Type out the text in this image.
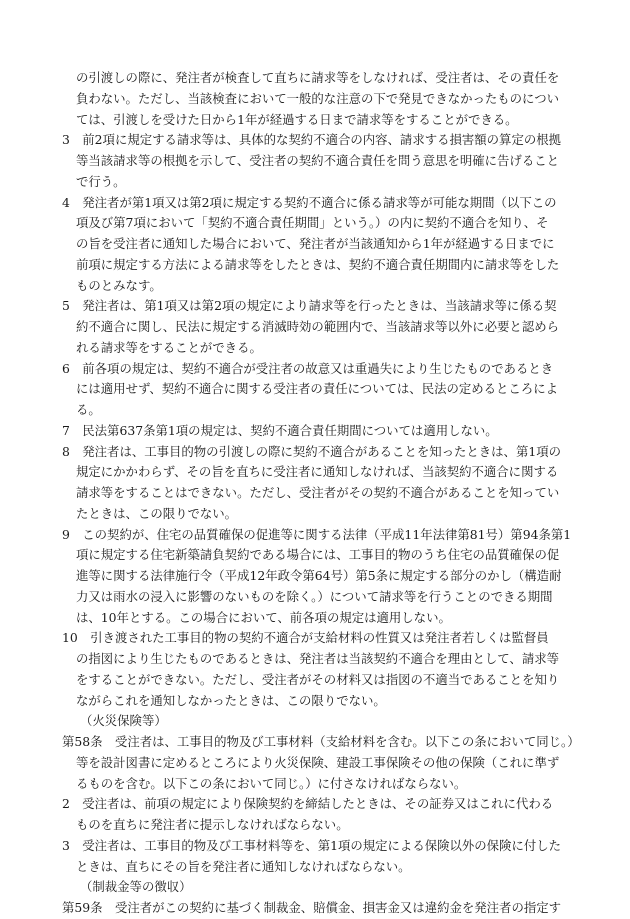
の引渡しの際に、発注者が検査して直ちに請求等をしなければ、受注者は、その責任を
負わない。ただし、当該検査において一般的な注意の下で発見できなかったものについ
ては、引渡しを受けた日から1年が経過する日まで請求等をすることができる。
3　前2項に規定する請求等は、具体的な契約不適合の内容、請求する損害額の算定の根拠
等当該請求等の根拠を示して、受注者の契約不適合責任を問う意思を明確に告げること
で行う。
4　発注者が第1項又は第2項に規定する契約不適合に係る請求等が可能な期間（以下この
項及び第7項において「契約不適合責任期間」という。）の内に契約不適合を知り、そ
の旨を受注者に通知した場合において、発注者が当該通知から1年が経過する日までに
前項に規定する方法による請求等をしたときは、契約不適合責任期間内に請求等をした
ものとみなす。
5　発注者は、第1項又は第2項の規定により請求等を行ったときは、当該請求等に係る契
約不適合に関し、民法に規定する消滅時効の範囲内で、当該請求等以外に必要と認めら
れる請求等をすることができる。
6　前各項の規定は、契約不適合が受注者の故意又は重過失により生じたものであるとき
には適用せず、契約不適合に関する受注者の責任については、民法の定めるところによ
る。
7　民法第637条第1項の規定は、契約不適合責任期間については適用しない。
8　発注者は、工事目的物の引渡しの際に契約不適合があることを知ったときは、第1項の
規定にかかわらず、その旨を直ちに受注者に通知しなければ、当該契約不適合に関する
請求等をすることはできない。ただし、受注者がその契約不適合があることを知ってい
たときは、この限りでない。
9　この契約が、住宅の品質確保の促進等に関する法律（平成11年法律第81号）第94条第1
項に規定する住宅新築請負契約である場合には、工事目的物のうち住宅の品質確保の促
進等に関する法律施行令（平成12年政令第64号）第5条に規定する部分のかし（構造耐
力又は雨水の浸入に影響のないものを除く。）について請求等を行うことのできる期間
は、10年とする。この場合において、前各項の規定は適用しない。
10　引き渡された工事目的物の契約不適合が支給材料の性質又は発注者若しくは監督員
の指図により生じたものであるときは、発注者は当該契約不適合を理由として、請求等
をすることができない。ただし、受注者がその材料又は指図の不適当であることを知り
ながらこれを通知しなかったときは、この限りでない。
（火災保険等）
第58条　受注者は、工事目的物及び工事材料（支給材料を含む。以下この条において同じ。）
等を設計図書に定めるところにより火災保険、建設工事保険その他の保険（これに準ず
るものを含む。以下この条において同じ。）に付さなければならない。
2　受注者は、前項の規定により保険契約を締結したときは、その証券又はこれに代わる
ものを直ちに発注者に提示しなければならない。
3　受注者は、工事目的物及び工事材料等を、第1項の規定による保険以外の保険に付した
ときは、直ちにその旨を発注者に通知しなければならない。
（制裁金等の徴収）
第59条　受注者がこの契約に基づく制裁金、賠償金、損害金又は違約金を発注者の指定す
